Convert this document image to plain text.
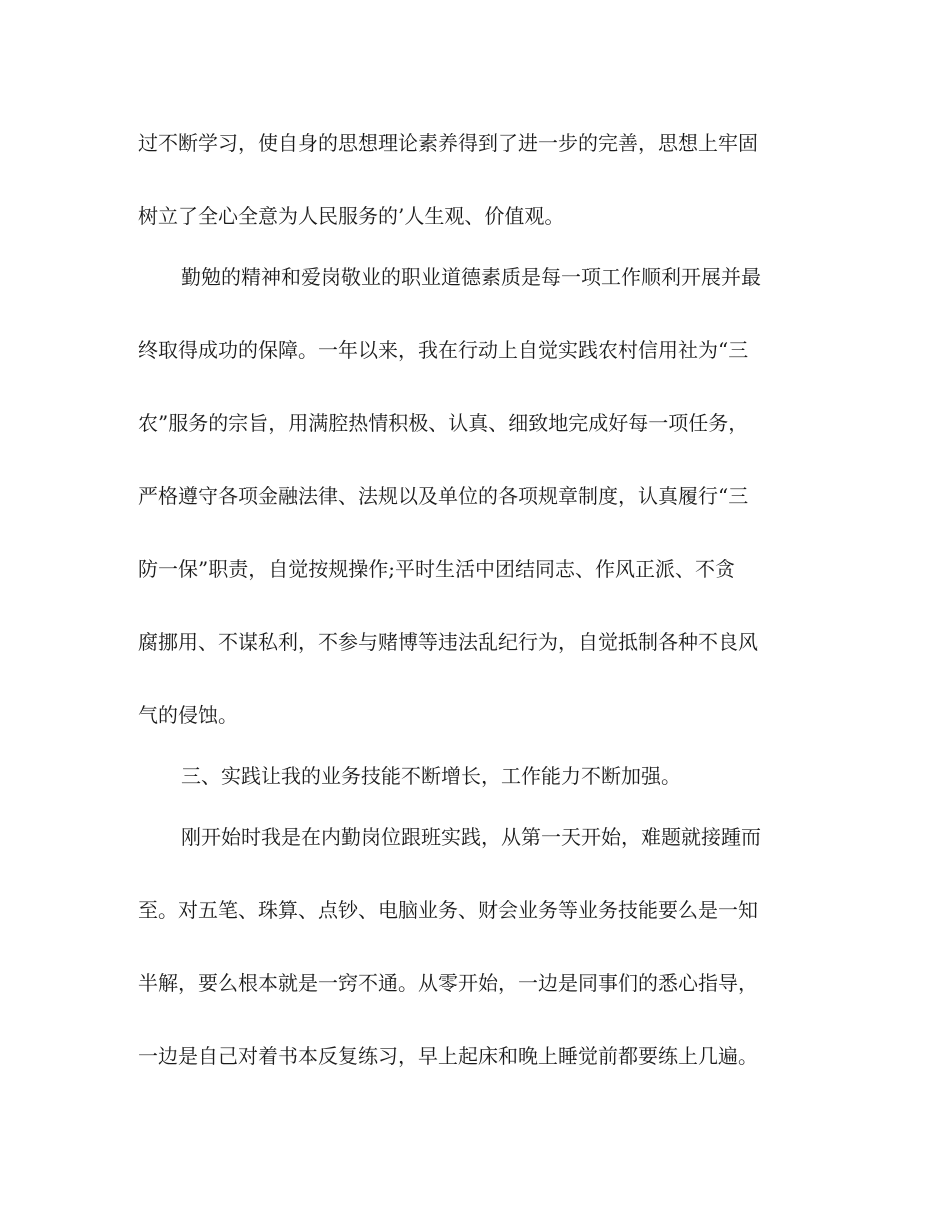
过不断学习，使自身的思想理论素养得到了进一步的完善，思想上牢固
树立了全心全意为人民服务的’人生观、价值观。
勤勉的精神和爱岗敬业的职业道德素质是每一项工作顺利开展并最
终取得成功的保障。一年以来，我在行动上自觉实践农村信用社为“三
农”服务的宗旨，用满腔热情积极、认真、细致地完成好每一项任务，
严格遵守各项金融法律、法规以及单位的各项规章制度，认真履行“三
防一保”职责，自觉按规操作;平时生活中团结同志、作风正派、不贪
腐挪用、不谋私利，不参与赌博等违法乱纪行为，自觉抵制各种不良风
气的侵蚀。
三、实践让我的业务技能不断增长，工作能力不断加强。
刚开始时我是在内勤岗位跟班实践，从第一天开始，难题就接踵而
至。对五笔、珠算、点钞、电脑业务、财会业务等业务技能要么是一知
半解，要么根本就是一窍不通。从零开始，一边是同事们的悉心指导，
一边是自己对着书本反复练习，早上起床和晚上睡觉前都要练上几遍。
